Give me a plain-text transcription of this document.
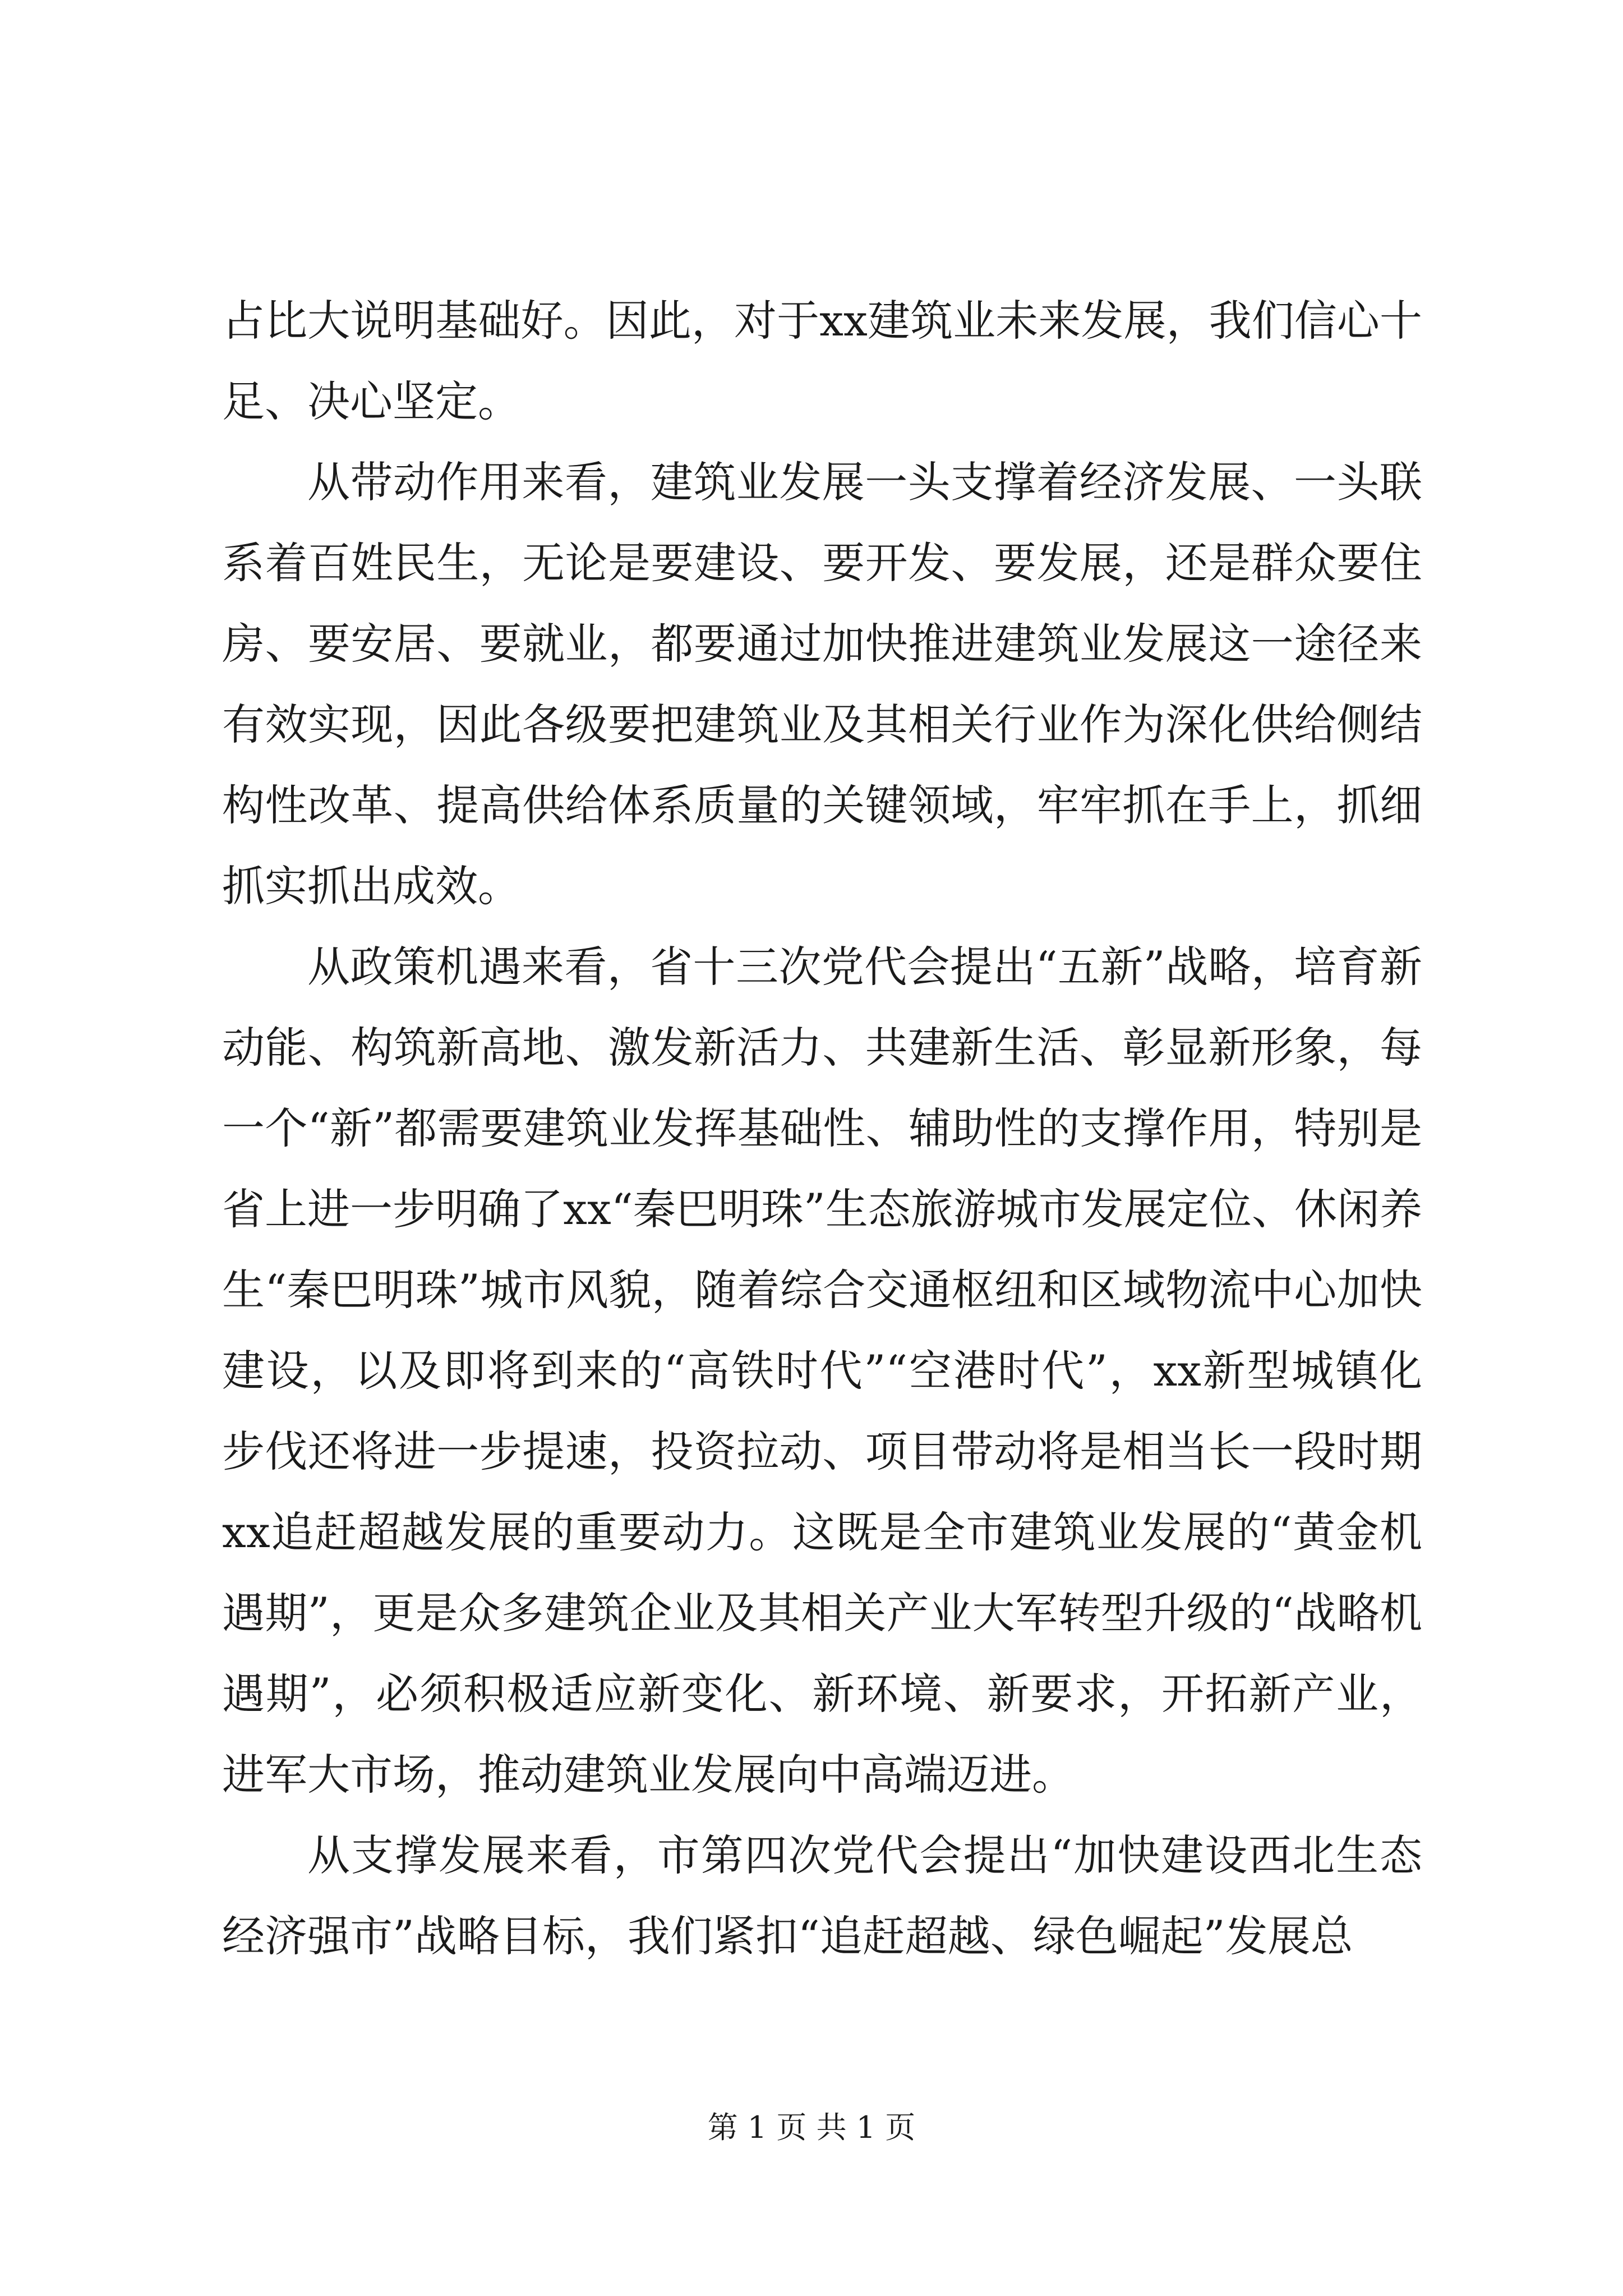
占比大说明基础好。因此，对于xx建筑业未来发展，我们信心十足、决心坚定。

从带动作用来看，建筑业发展一头支撑着经济发展、一头联系着百姓民生，无论是要建设、要开发、要发展，还是群众要住房、要安居、要就业，都要通过加快推进建筑业发展这一途径来有效实现，因此各级要把建筑业及其相关行业作为深化供给侧结构性改革、提高供给体系质量的关键领域，牢牢抓在手上，抓细抓实抓出成效。

从政策机遇来看，省十三次党代会提出“五新”战略，培育新动能、构筑新高地、激发新活力、共建新生活、彰显新形象，每一个“新”都需要建筑业发挥基础性、辅助性的支撑作用，特别是省上进一步明确了xx“秦巴明珠”生态旅游城市发展定位、休闲养生“秦巴明珠”城市风貌，随着综合交通枢纽和区域物流中心加快建设，以及即将到来的“高铁时代”“空港时代”，xx新型城镇化步伐还将进一步提速，投资拉动、项目带动将是相当长一段时期xx追赶超越发展的重要动力。这既是全市建筑业发展的“黄金机遇期”，更是众多建筑企业及其相关产业大军转型升级的“战略机遇期”，必须积极适应新变化、新环境、新要求，开拓新产业，进军大市场，推动建筑业发展向中高端迈进。

从支撑发展来看，市第四次党代会提出“加快建设西北生态经济强市”战略目标，我们紧扣“追赶超越、绿色崛起”发展总

第 1 页 共 1 页
